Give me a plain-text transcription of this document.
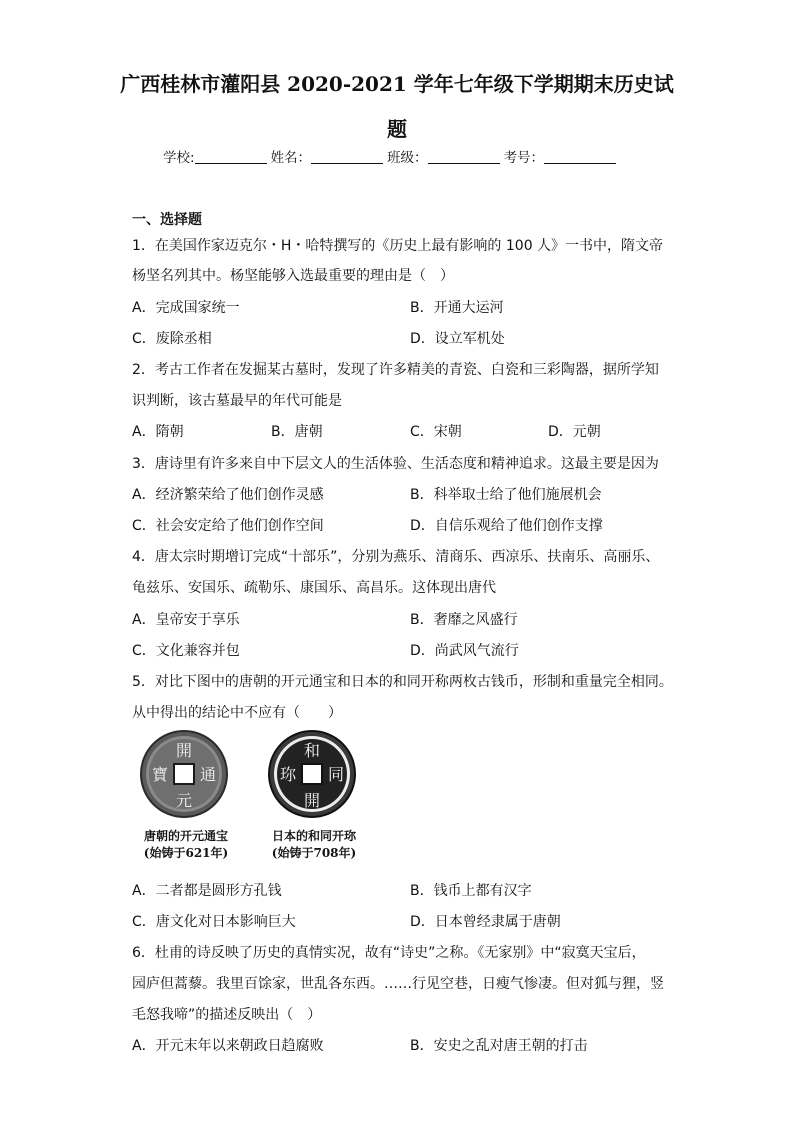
广西桂林市灌阳县 2020-2021 学年七年级下学期期末历史试
题
学校:	姓名：	班级：	考号：
一、选择题
1．在美国作家迈克尔・H・哈特撰写的《历史上最有影响的 100 人》一书中，隋文帝
杨坚名列其中。杨坚能够入选最重要的理由是（　）
A．完成国家统一	B．开通大运河
C．废除丞相	D．设立军机处
2．考古工作者在发掘某古墓时，发现了许多精美的青瓷、白瓷和三彩陶器，据所学知
识判断，该古墓最早的年代可能是
A．隋朝	B．唐朝	C．宋朝	D．元朝
3．唐诗里有许多来自中下层文人的生活体验、生活态度和精神追求。这最主要是因为
A．经济繁荣给了他们创作灵感	B．科举取士给了他们施展机会
C．社会安定给了他们创作空间	D．自信乐观给了他们创作支撑
4．唐太宗时期增订完成“十部乐”，分别为燕乐、清商乐、西凉乐、扶南乐、高丽乐、
龟兹乐、安国乐、疏勒乐、康国乐、高昌乐。这体现出唐代
A．皇帝安于享乐	B．奢靡之风盛行
C．文化兼容并包	D．尚武风气流行
5．对比下图中的唐朝的开元通宝和日本的和同开称两枚古钱币，形制和重量完全相同。
从中得出的结论中不应有（　　）
開
通
元
寶
和
同
開
珎
唐朝的开元通宝
(始铸于621年)
日本的和同开珎
(始铸于708年)
A．二者都是圆形方孔钱	B．钱币上都有汉字
C．唐文化对日本影响巨大	D．日本曾经隶属于唐朝
6．杜甫的诗反映了历史的真情实况，故有“诗史”之称。《无家别》中“寂寞天宝后，
园庐但蒿藜。我里百馀家，世乱各东西。……行见空巷，日瘦气惨凄。但对狐与狸，竖
毛怒我啼”的描述反映出（　）
A．开元末年以来朝政日趋腐败	B．安史之乱对唐王朝的打击
